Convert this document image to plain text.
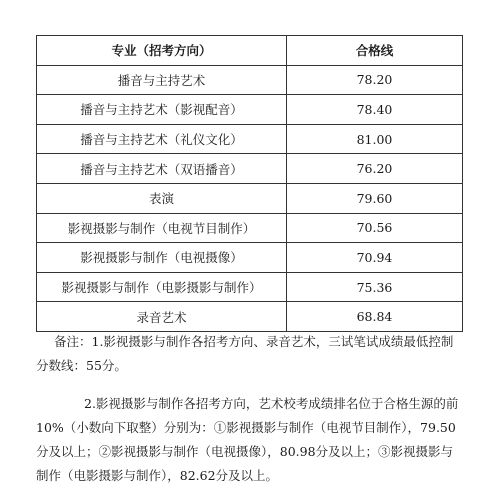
专业（招考方向）	合格线
播音与主持艺术	78.20
播音与主持艺术（影视配音）	78.40
播音与主持艺术（礼仪文化）	81.00
播音与主持艺术（双语播音）	76.20
表演	79.60
影视摄影与制作（电视节目制作）	70.56
影视摄影与制作（电视摄像）	70.94
影视摄影与制作（电影摄影与制作）	75.36
录音艺术	68.84

备注：1.影视摄影与制作各招考方向、录音艺术，三试笔试成绩最低控制分数线：55分。

2.影视摄影与制作各招考方向，艺术校考成绩排名位于合格生源的前10%（小数向下取整）分别为：①影视摄影与制作（电视节目制作），79.50分及以上；②影视摄影与制作（电视摄像），80.98分及以上；③影视摄影与制作（电影摄影与制作），82.62分及以上。
